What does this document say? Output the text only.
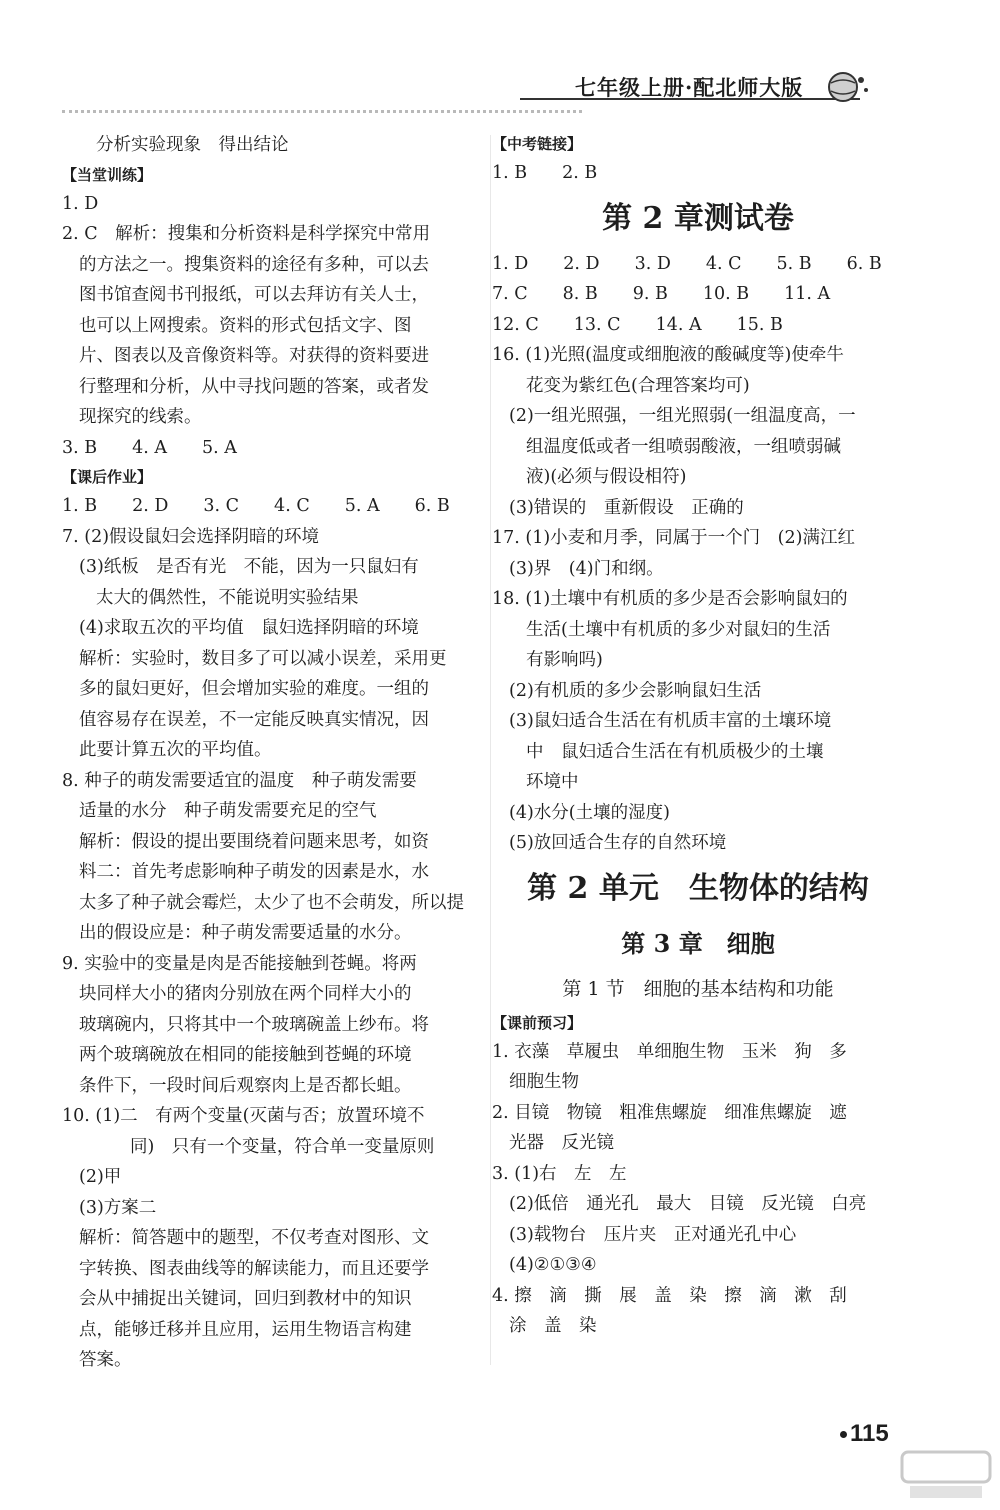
七年级上册·配北师大版
分析实验现象　得出结论
【当堂训练】
1. D
2. C　解析：搜集和分析资料是科学探究中常用
的方法之一。搜集资料的途径有多种，可以去
图书馆查阅书刊报纸，可以去拜访有关人士，
也可以上网搜索。资料的形式包括文字、图
片、图表以及音像资料等。对获得的资料要进
行整理和分析，从中寻找问题的答案，或者发
现探究的线索。
3. B　　4. A　　5. A
【课后作业】
1. B　　2. D　　3. C　　4. C　　5. A　　6. B
7. (2)假设鼠妇会选择阴暗的环境
(3)纸板　是否有光　不能，因为一只鼠妇有
太大的偶然性，不能说明实验结果
(4)求取五次的平均值　鼠妇选择阴暗的环境
解析：实验时，数目多了可以减小误差，采用更
多的鼠妇更好，但会增加实验的难度。一组的
值容易存在误差，不一定能反映真实情况，因
此要计算五次的平均值。
8. 种子的萌发需要适宜的温度　种子萌发需要
适量的水分　种子萌发需要充足的空气
解析：假设的提出要围绕着问题来思考，如资
料二：首先考虑影响种子萌发的因素是水，水
太多了种子就会霉烂，太少了也不会萌发，所以提
出的假设应是：种子萌发需要适量的水分。
9. 实验中的变量是肉是否能接触到苍蝇。将两
块同样大小的猪肉分别放在两个同样大小的
玻璃碗内，只将其中一个玻璃碗盖上纱布。将
两个玻璃碗放在相同的能接触到苍蝇的环境
条件下，一段时间后观察肉上是否都长蛆。
10. (1)二　有两个变量(灭菌与否；放置环境不
同)　只有一个变量，符合单一变量原则
(2)甲
(3)方案二
解析：简答题中的题型，不仅考查对图形、文
字转换、图表曲线等的解读能力，而且还要学
会从中捕捉出关键词，回归到教材中的知识
点，能够迁移并且应用，运用生物语言构建
答案。
【中考链接】
1. B　　2. B
第 2 章测试卷
1. D　　2. D　　3. D　　4. C　　5. B　　6. B
7. C　　8. B　　9. B　　10. B　　11. A
12. C　　13. C　　14. A　　15. B
16. (1)光照(温度或细胞液的酸碱度等)使牵牛
花变为紫红色(合理答案均可)
(2)一组光照强，一组光照弱(一组温度高，一
组温度低或者一组喷弱酸液，一组喷弱碱
液)(必须与假设相符)
(3)错误的　重新假设　正确的
17. (1)小麦和月季，同属于一个门　(2)满江红
(3)界　(4)门和纲。
18. (1)土壤中有机质的多少是否会影响鼠妇的
生活(土壤中有机质的多少对鼠妇的生活
有影响吗)
(2)有机质的多少会影响鼠妇生活
(3)鼠妇适合生活在有机质丰富的土壤环境
中　鼠妇适合生活在有机质极少的土壤
环境中
(4)水分(土壤的湿度)
(5)放回适合生存的自然环境
第 2 单元　生物体的结构
第 3 章　细胞
第 1 节　细胞的基本结构和功能
【课前预习】
1. 衣藻　草履虫　单细胞生物　玉米　狗　多
细胞生物
2. 目镜　物镜　粗准焦螺旋　细准焦螺旋　遮
光器　反光镜
3. (1)右　左　左
(2)低倍　通光孔　最大　目镜　反光镜　白亮
(3)载物台　压片夹　正对通光孔中心
(4)②①③④
4. 擦　滴　撕　展　盖　染　擦　滴　漱　刮
涂　盖　染
115
